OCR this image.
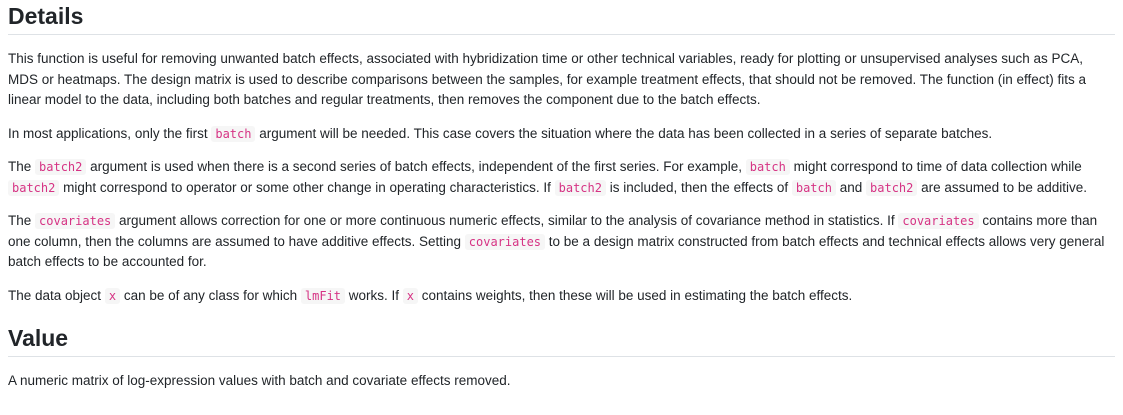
Details

This function is useful for removing unwanted batch effects, associated with hybridization time or other technical variables, ready for plotting or unsupervised analyses such as PCA, MDS or heatmaps. The design matrix is used to describe comparisons between the samples, for example treatment effects, that should not be removed. The function (in effect) fits a linear model to the data, including both batches and regular treatments, then removes the component due to the batch effects.

In most applications, only the first batch argument will be needed. This case covers the situation where the data has been collected in a series of separate batches.

The batch2 argument is used when there is a second series of batch effects, independent of the first series. For example, batch might correspond to time of data collection while batch2 might correspond to operator or some other change in operating characteristics. If batch2 is included, then the effects of batch and batch2 are assumed to be additive.

The covariates argument allows correction for one or more continuous numeric effects, similar to the analysis of covariance method in statistics. If covariates contains more than one column, then the columns are assumed to have additive effects. Setting covariates to be a design matrix constructed from batch effects and technical effects allows very general batch effects to be accounted for.

The data object x can be of any class for which lmFit works. If x contains weights, then these will be used in estimating the batch effects.

Value

A numeric matrix of log-expression values with batch and covariate effects removed.
